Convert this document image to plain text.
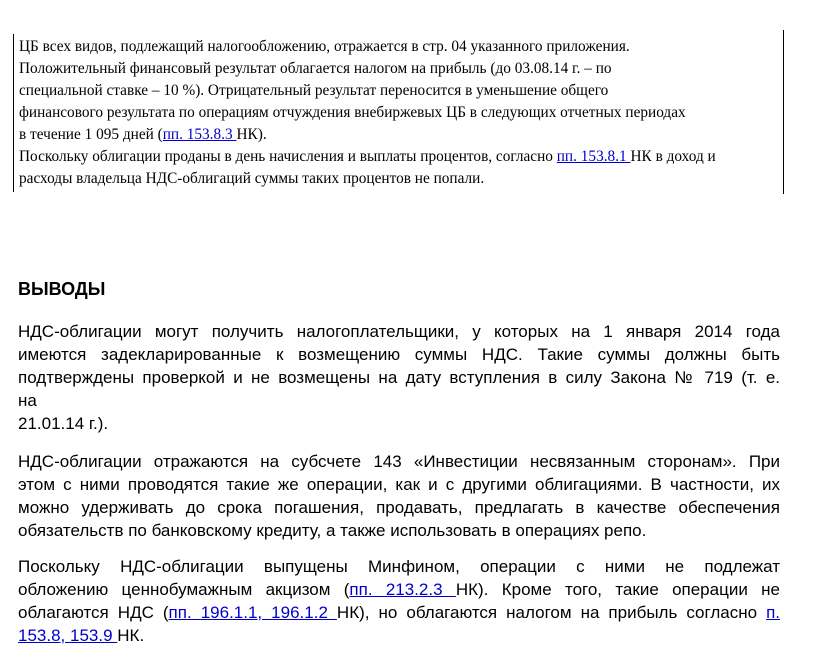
ЦБ всех видов, подлежащий налогообложению, отражается в стр. 04 указанного приложения.
Положительный финансовый результат облагается налогом на прибыль (до 03.08.14 г. – по
специальной ставке – 10 %). Отрицательный результат переносится в уменьшение общего
финансового результата по операциям отчуждения внебиржевых ЦБ в следующих отчетных периодах
в течение 1 095 дней (пп. 153.8.3 НК).
Поскольку облигации проданы в день начисления и выплаты процентов, согласно пп. 153.8.1 НК в доход и
расходы владельца НДС-облигаций суммы таких процентов не попали.
ВЫВОДЫ
НДС-облигации могут получить налогоплательщики, у которых на 1 января 2014 года
имеются задекларированные к возмещению суммы НДС. Такие суммы должны быть
подтверждены проверкой и не возмещены на дату вступления в силу Закона № 719 (т. е.
на
21.01.14 г.).
НДС-облигации отражаются на субсчете 143 «Инвестиции несвязанным сторонам». При
этом с ними проводятся такие же операции, как и с другими облигациями. В частности, их
можно удерживать до срока погашения, продавать, предлагать в качестве обеспечения
обязательств по банковскому кредиту, а также использовать в операциях репо.
Поскольку НДС-облигации выпущены Минфином, операции с ними не подлежат
обложению ценнобумажным акцизом (пп. 213.2.3 НК). Кроме того, такие операции не
облагаются НДС (пп. 196.1.1, 196.1.2 НК), но облагаются налогом на прибыль согласно п.
153.8, 153.9 НК.
